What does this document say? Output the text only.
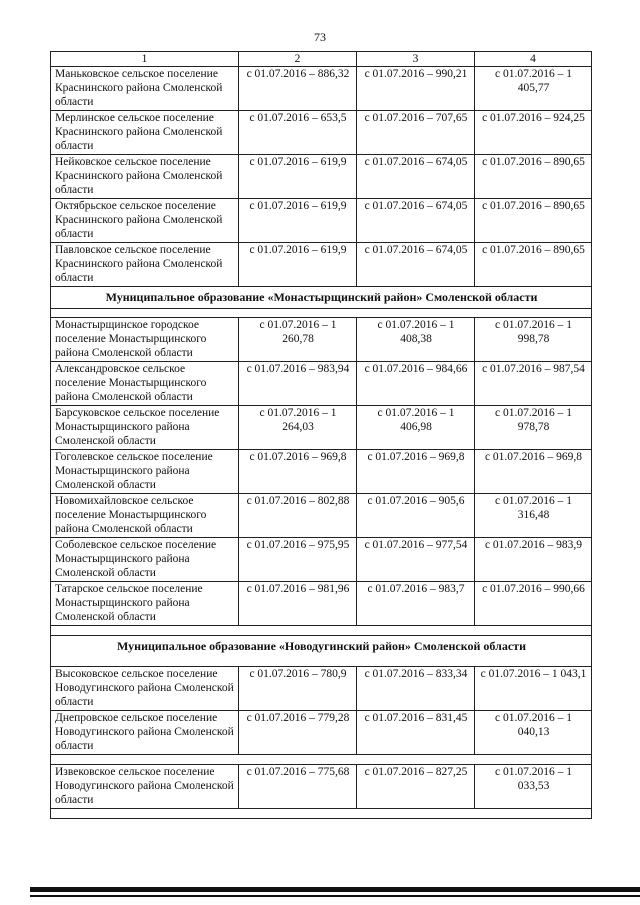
73
1	2	3	4
Маньковское сельское поселение Краснинского района Смоленской области	с 01.07.2016 – 886,32	с 01.07.2016 – 990,21	с 01.07.2016 – 1 405,77
Мерлинское сельское поселение Краснинского района Смоленской области	с 01.07.2016 – 653,5	с 01.07.2016 – 707,65	с 01.07.2016 – 924,25
Нейковское сельское поселение Краснинского района Смоленской области	с 01.07.2016 – 619,9	с 01.07.2016 – 674,05	с 01.07.2016 – 890,65
Октябрьское сельское поселение Краснинского района Смоленской области	с 01.07.2016 – 619,9	с 01.07.2016 – 674,05	с 01.07.2016 – 890,65
Павловское сельское поселение Краснинского района Смоленской области	с 01.07.2016 – 619,9	с 01.07.2016 – 674,05	с 01.07.2016 – 890,65
Муниципальное образование «Монастырщинский район» Смоленской области			

Монастырщинское городское поселение Монастырщинского района Смоленской области	с 01.07.2016 – 1 260,78	с 01.07.2016 – 1 408,38	с 01.07.2016 – 1 998,78
Александровское сельское поселение Монастырщинского района Смоленской области	с 01.07.2016 – 983,94	с 01.07.2016 – 984,66	с 01.07.2016 – 987,54
Барсуковское сельское поселение Монастырщинского района Смоленской области	с 01.07.2016 – 1 264,03	с 01.07.2016 – 1 406,98	с 01.07.2016 – 1 978,78
Гоголевское сельское поселение Монастырщинского района Смоленской области	с 01.07.2016 – 969,8	с 01.07.2016 – 969,8	с 01.07.2016 – 969,8
Новомихайловское сельское поселение Монастырщинского района Смоленской области	с 01.07.2016 – 802,88	с 01.07.2016 – 905,6	с 01.07.2016 – 1 316,48
Соболевское сельское поселение Монастырщинского района Смоленской области	с 01.07.2016 – 975,95	с 01.07.2016 – 977,54	с 01.07.2016 – 983,9
Татарское сельское поселение Монастырщинского района Смоленской области	с 01.07.2016 – 981,96	с 01.07.2016 – 983,7	с 01.07.2016 – 990,66

Муниципальное образование «Новодугинский район» Смоленской области			
Высоковское сельское поселение Новодугинского района Смоленской области	с 01.07.2016 – 780,9	с 01.07.2016 – 833,34	с 01.07.2016 – 1 043,1
Днепровское сельское поселение Новодугинского района Смоленской области	с 01.07.2016 – 779,28	с 01.07.2016 – 831,45	с 01.07.2016 – 1 040,13

Извековское сельское поселение Новодугинского района Смоленской области	с 01.07.2016 – 775,68	с 01.07.2016 – 827,25	с 01.07.2016 – 1 033,53
